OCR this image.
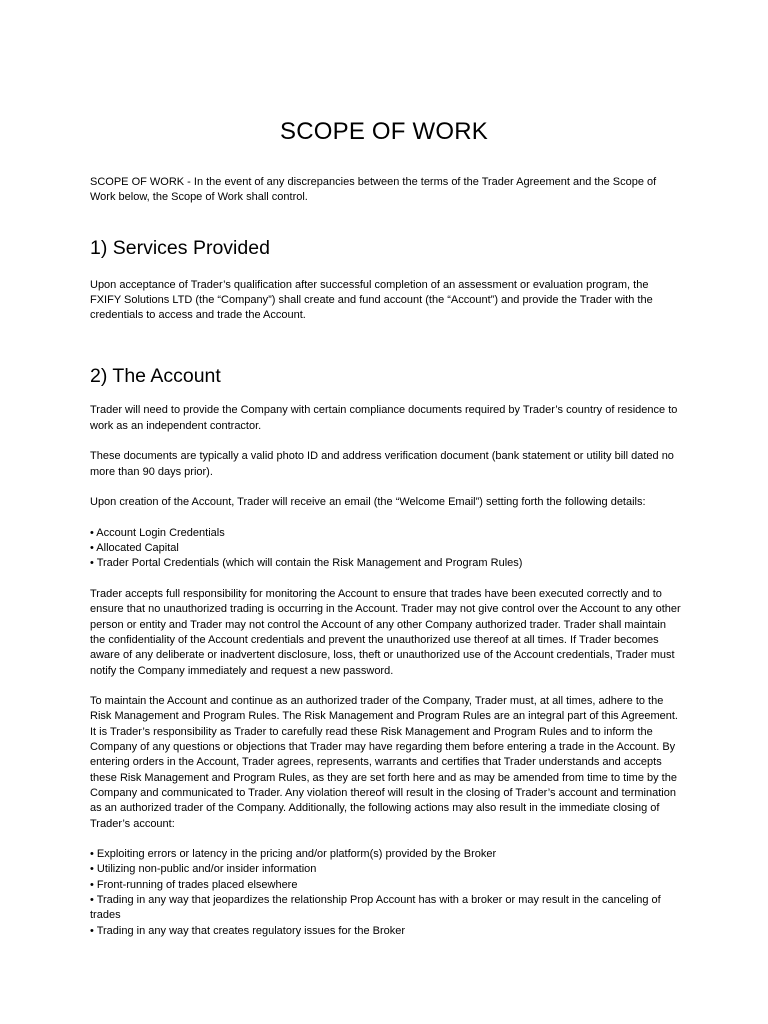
SCOPE OF WORK

SCOPE OF WORK - In the event of any discrepancies between the terms of the Trader Agreement and the Scope of Work below, the Scope of Work shall control.

1) Services Provided

Upon acceptance of Trader’s qualification after successful completion of an assessment or evaluation program, the FXIFY Solutions LTD (the “Company”) shall create and fund account (the “Account”) and provide the Trader with the credentials to access and trade the Account.

2) The Account

Trader will need to provide the Company with certain compliance documents required by Trader’s country of residence to work as an independent contractor.

These documents are typically a valid photo ID and address verification document (bank statement or utility bill dated no more than 90 days prior).

Upon creation of the Account, Trader will receive an email (the “Welcome Email”) setting forth the following details:

• Account Login Credentials
• Allocated Capital
• Trader Portal Credentials (which will contain the Risk Management and Program Rules)

Trader accepts full responsibility for monitoring the Account to ensure that trades have been executed correctly and to ensure that no unauthorized trading is occurring in the Account. Trader may not give control over the Account to any other person or entity and Trader may not control the Account of any other Company authorized trader. Trader shall maintain the confidentiality of the Account credentials and prevent the unauthorized use thereof at all times. If Trader becomes aware of any deliberate or inadvertent disclosure, loss, theft or unauthorized use of the Account credentials, Trader must notify the Company immediately and request a new password.

To maintain the Account and continue as an authorized trader of the Company, Trader must, at all times, adhere to the Risk Management and Program Rules. The Risk Management and Program Rules are an integral part of this Agreement. It is Trader’s responsibility as Trader to carefully read these Risk Management and Program Rules and to inform the Company of any questions or objections that Trader may have regarding them before entering a trade in the Account. By entering orders in the Account, Trader agrees, represents, warrants and certifies that Trader understands and accepts these Risk Management and Program Rules, as they are set forth here and as may be amended from time to time by the Company and communicated to Trader. Any violation thereof will result in the closing of Trader’s account and termination as an authorized trader of the Company. Additionally, the following actions may also result in the immediate closing of Trader’s account:

• Exploiting errors or latency in the pricing and/or platform(s) provided by the Broker
• Utilizing non-public and/or insider information
• Front-running of trades placed elsewhere
• Trading in any way that jeopardizes the relationship Prop Account has with a broker or may result in the canceling of trades
• Trading in any way that creates regulatory issues for the Broker
